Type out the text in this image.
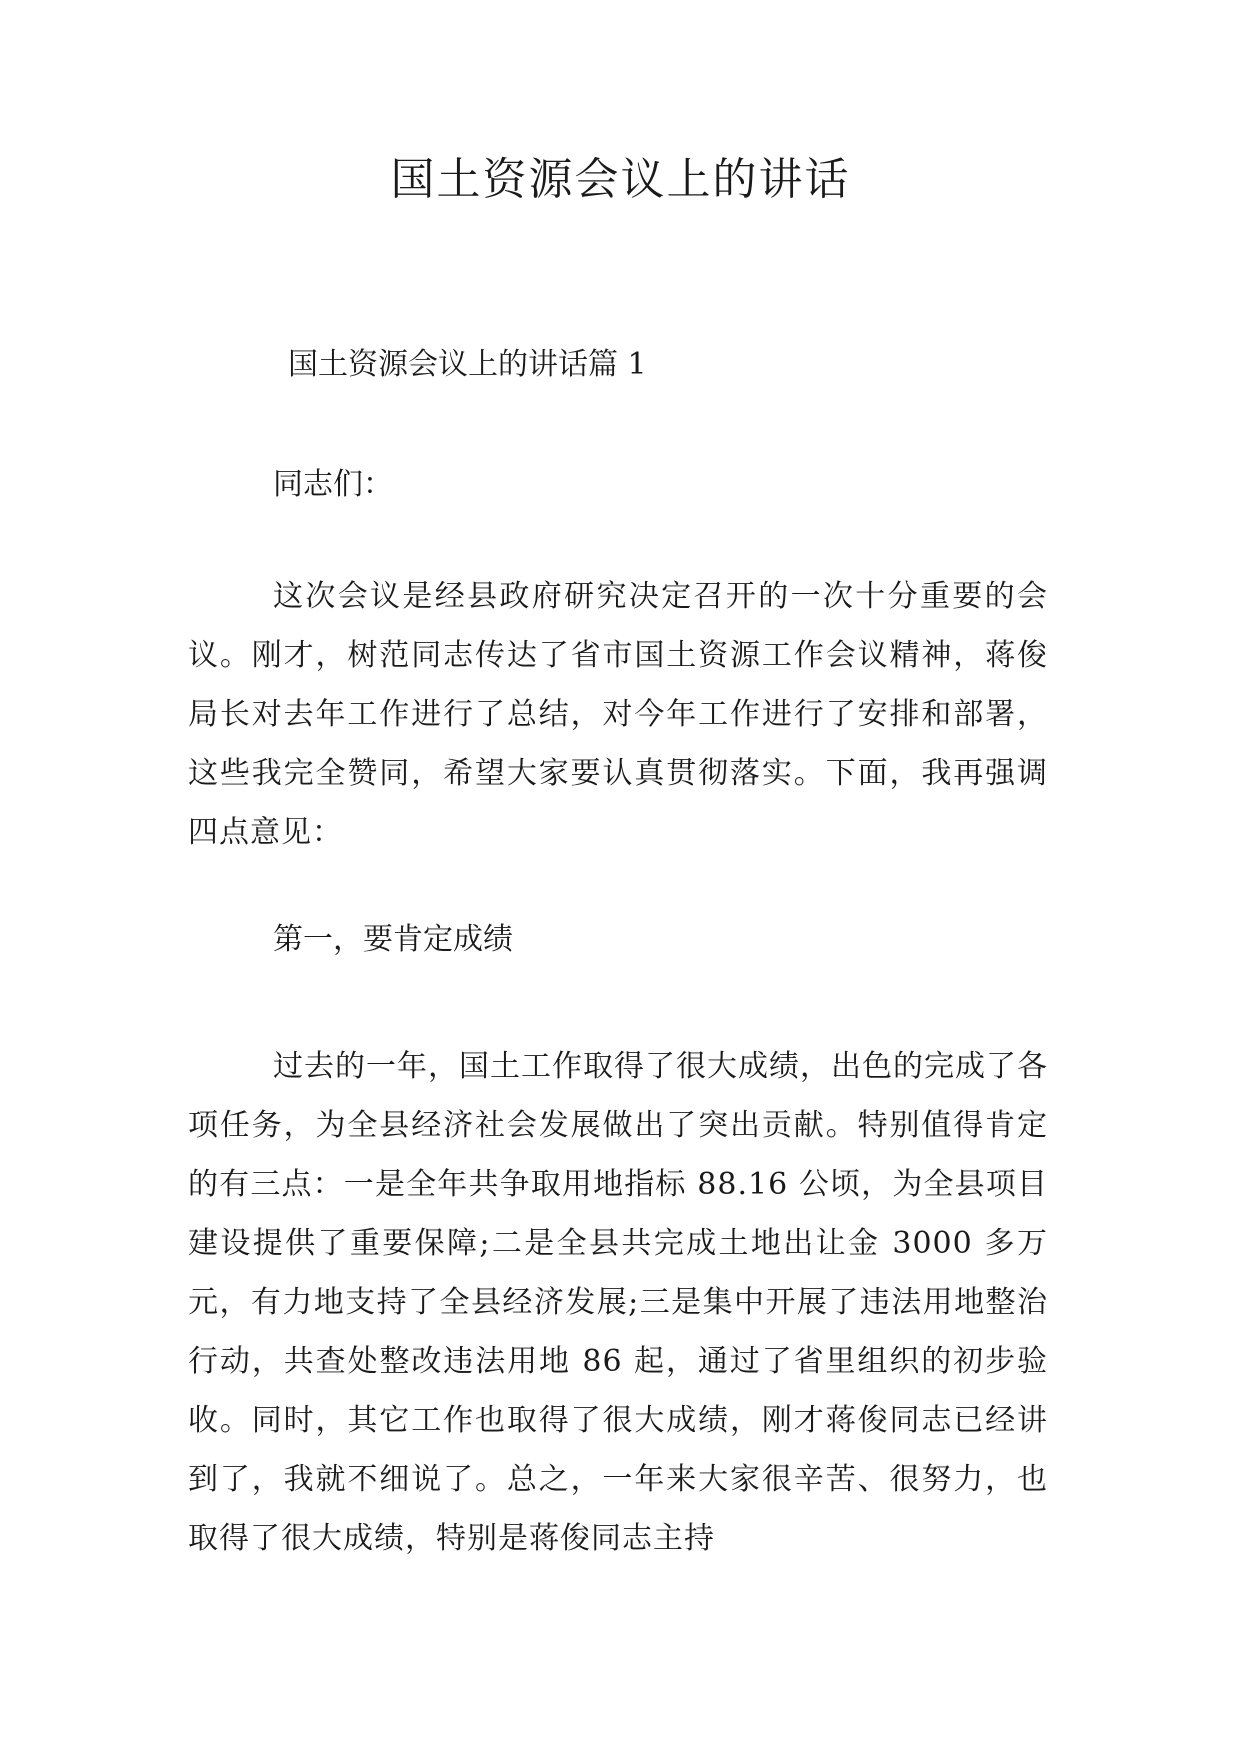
国土资源会议上的讲话

国土资源会议上的讲话篇 1

同志们：

这次会议是经县政府研究决定召开的一次十分重要的会议。刚才，树范同志传达了省市国土资源工作会议精神，蒋俊局长对去年工作进行了总结，对今年工作进行了安排和部署，这些我完全赞同，希望大家要认真贯彻落实。下面，我再强调四点意见：

第一，要肯定成绩

过去的一年，国土工作取得了很大成绩，出色的完成了各项任务，为全县经济社会发展做出了突出贡献。特别值得肯定的有三点：一是全年共争取用地指标 88.16 公顷，为全县项目建设提供了重要保障;二是全县共完成土地出让金 3000 多万元，有力地支持了全县经济发展;三是集中开展了违法用地整治行动，共查处整改违法用地 86 起，通过了省里组织的初步验收。同时，其它工作也取得了很大成绩，刚才蒋俊同志已经讲到了，我就不细说了。总之，一年来大家很辛苦、很努力，也取得了很大成绩，特别是蒋俊同志主持
